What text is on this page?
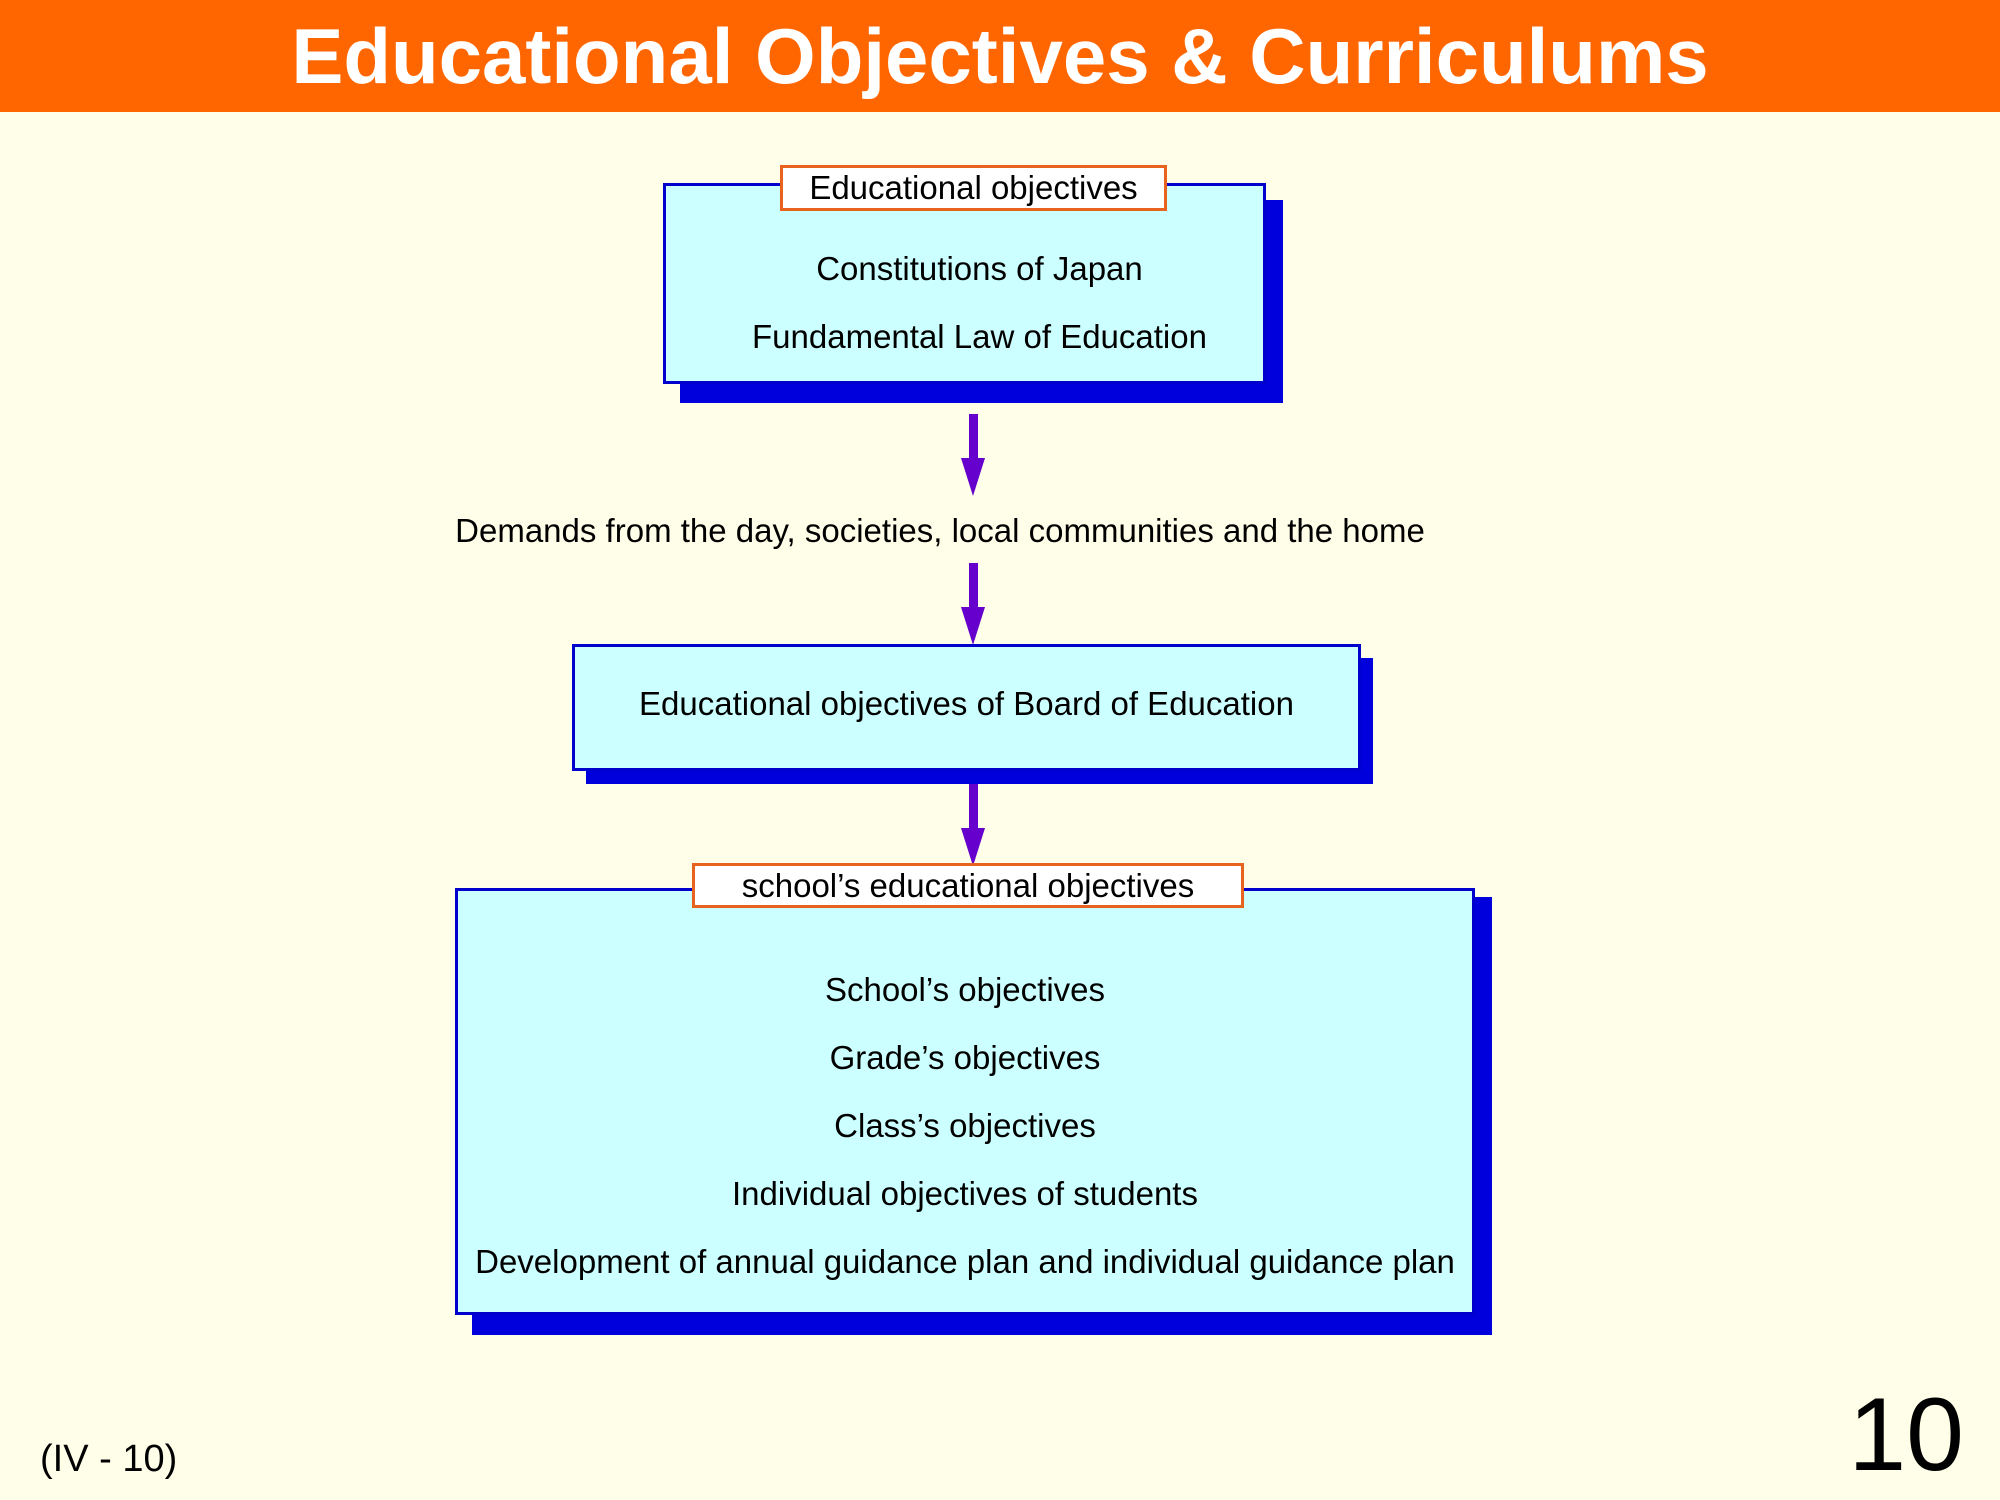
Educational Objectives & Curriculums
Constitutions of Japan
Fundamental Law of Education
Educational objectives
Demands from the day, societies, local communities and the home
Educational objectives of Board of Education
School’s objectives
Grade’s objectives
Class’s objectives
Individual objectives of students
Development of annual guidance plan and individual guidance plan
school’s educational objectives
(IV - 10)	10
